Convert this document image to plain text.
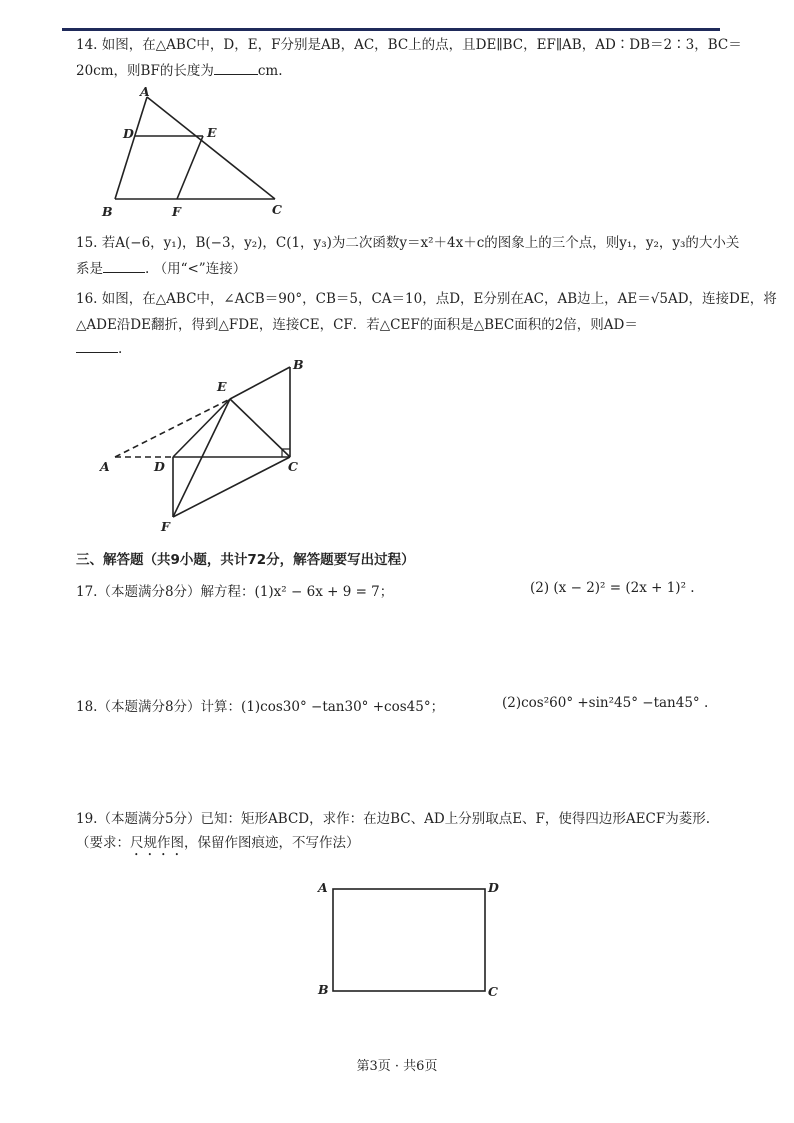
14. 如图，在△ABC中，D，E，F分别是AB，AC，BC上的点，且DE∥BC，EF∥AB，AD∶DB＝2∶3，BC＝
20cm，则BF的长度为	cm.
A
D	E
B	F	C
15. 若A(−6，y₁)，B(−3，y₂)，C(1，y₃)为二次函数y＝x²＋4x＋c的图象上的三个点，则y₁，y₂，y₃的大小关
系是	. （用“<”连接）
16. 如图，在△ABC中，∠ACB＝90°，CB＝5，CA＝10，点D，E分别在AC，AB边上，AE＝√5AD，连接DE，将
△ADE沿DE翻折，得到△FDE，连接CE，CF．若△CEF的面积是△BEC面积的2倍，则AD＝
.
B
E
A	D	C
F
三、解答题（共9小题，共计72分，解答题要写出过程）
17.（本题满分8分）解方程：(1)x² − 6x + 9 = 7；	(2) (x − 2)² = (2x + 1)² .
18.（本题满分8分）计算：(1)cos30° −tan30° +cos45°；	(2)cos²60° +sin²45° −tan45° .
19.（本题满分5分）已知：矩形ABCD，求作：在边BC、AD上分别取点E、F，使得四边形AECF为菱形.
（要求：尺规作图，保留作图痕迹，不写作法）
A	D
B	C
第3页 · 共6页
